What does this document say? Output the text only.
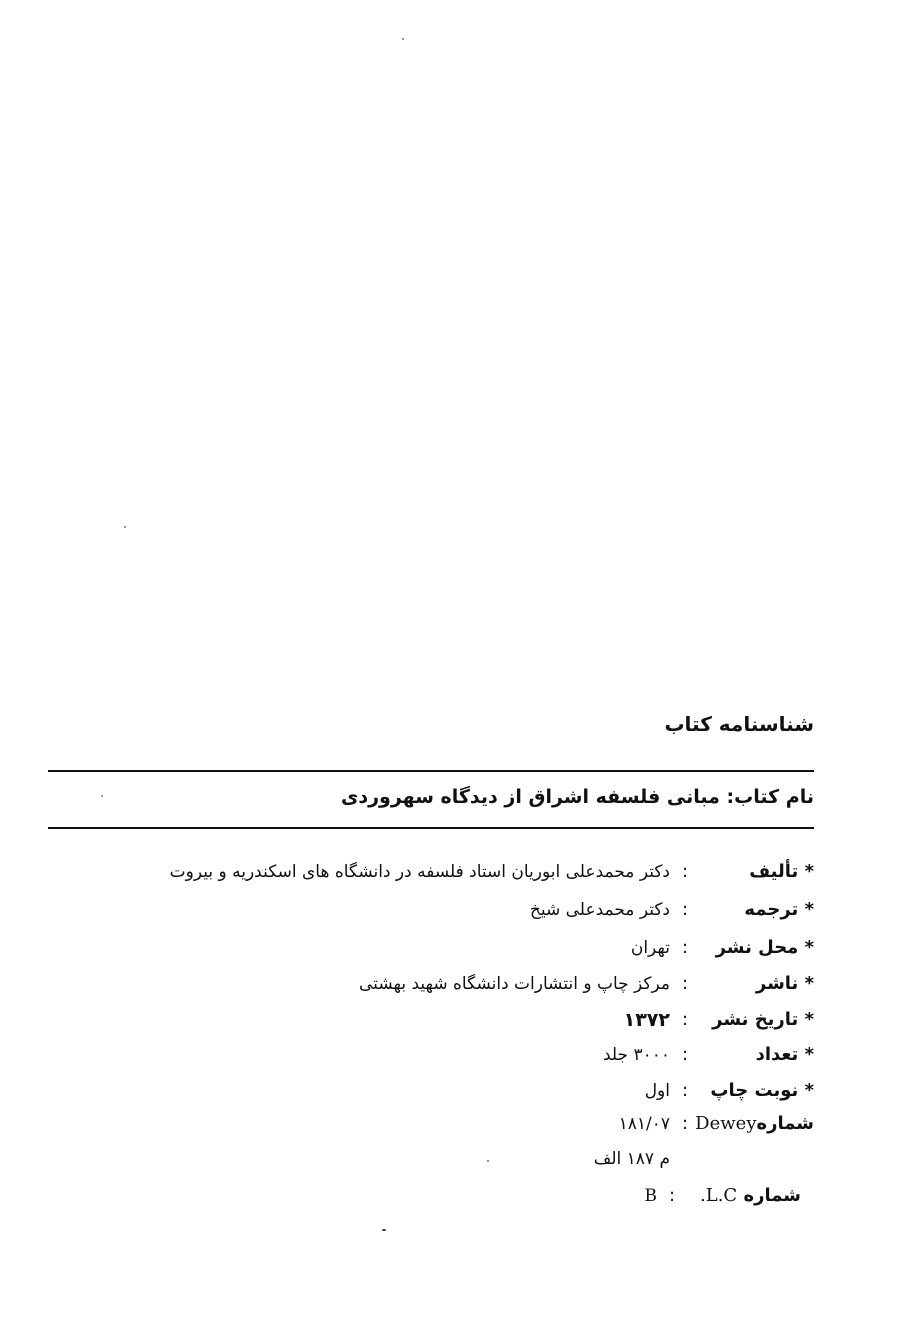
شناسنامه کتاب
نام کتاب: مبانی فلسفه اشراق از دیدگاه سهروردی
* تألیف
:
دکتر محمدعلی ابوریان استاد فلسفه در دانشگاه های اسکندریه و بیروت
* ترجمه
:
دکتر محمدعلی شیخ
* محل نشر
:
تهران
* ناشر
:
مرکز چاپ و انتشارات دانشگاه شهید بهشتی
* تاریخ نشر
:
۱۳۷۲
* تعداد
:
۳۰۰۰ جلد
* نوبت چاپ
:
اول
شمارهDewey
:
۱۸۱/۰۷
م ۱۸۷ الف
شماره L.C.
:
B
